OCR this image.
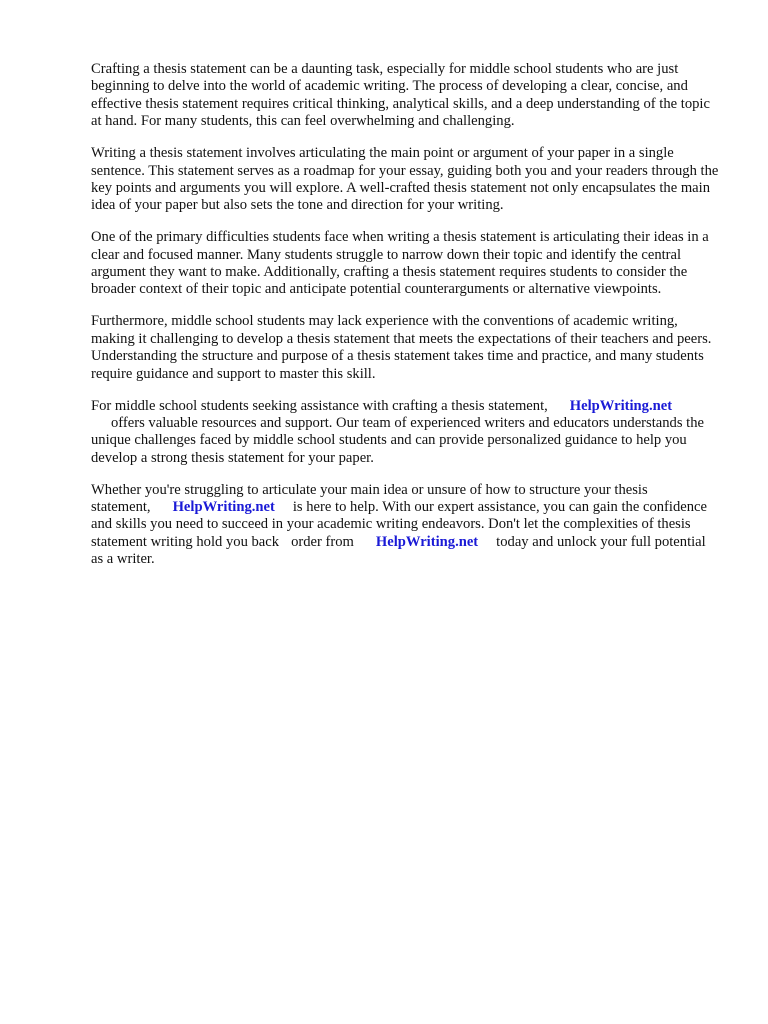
Crafting a thesis statement can be a daunting task, especially for middle school students who are just beginning to delve into the world of academic writing. The process of developing a clear, concise, and effective thesis statement requires critical thinking, analytical skills, and a deep understanding of the topic at hand. For many students, this can feel overwhelming and challenging.

Writing a thesis statement involves articulating the main point or argument of your paper in a single sentence. This statement serves as a roadmap for your essay, guiding both you and your readers through the key points and arguments you will explore. A well-crafted thesis statement not only encapsulates the main idea of your paper but also sets the tone and direction for your writing.

One of the primary difficulties students face when writing a thesis statement is articulating their ideas in a clear and focused manner. Many students struggle to narrow down their topic and identify the central argument they want to make. Additionally, crafting a thesis statement requires students to consider the broader context of their topic and anticipate potential counterarguments or alternative viewpoints.

Furthermore, middle school students may lack experience with the conventions of academic writing, making it challenging to develop a thesis statement that meets the expectations of their teachers and peers. Understanding the structure and purpose of a thesis statement takes time and practice, and many students require guidance and support to master this skill.

For middle school students seeking assistance with crafting a thesis statement, HelpWriting.net
offers valuable resources and support. Our team of experienced writers and educators understands the unique challenges faced by middle school students and can provide personalized guidance to help you develop a strong thesis statement for your paper.

Whether you're struggling to articulate your main idea or unsure of how to structure your thesis statement, HelpWriting.net is here to help. With our expert assistance, you can gain the confidence and skills you need to succeed in your academic writing endeavors. Don't let the complexities of thesis statement writing hold you back order from HelpWriting.net today and unlock your full potential as a writer.
